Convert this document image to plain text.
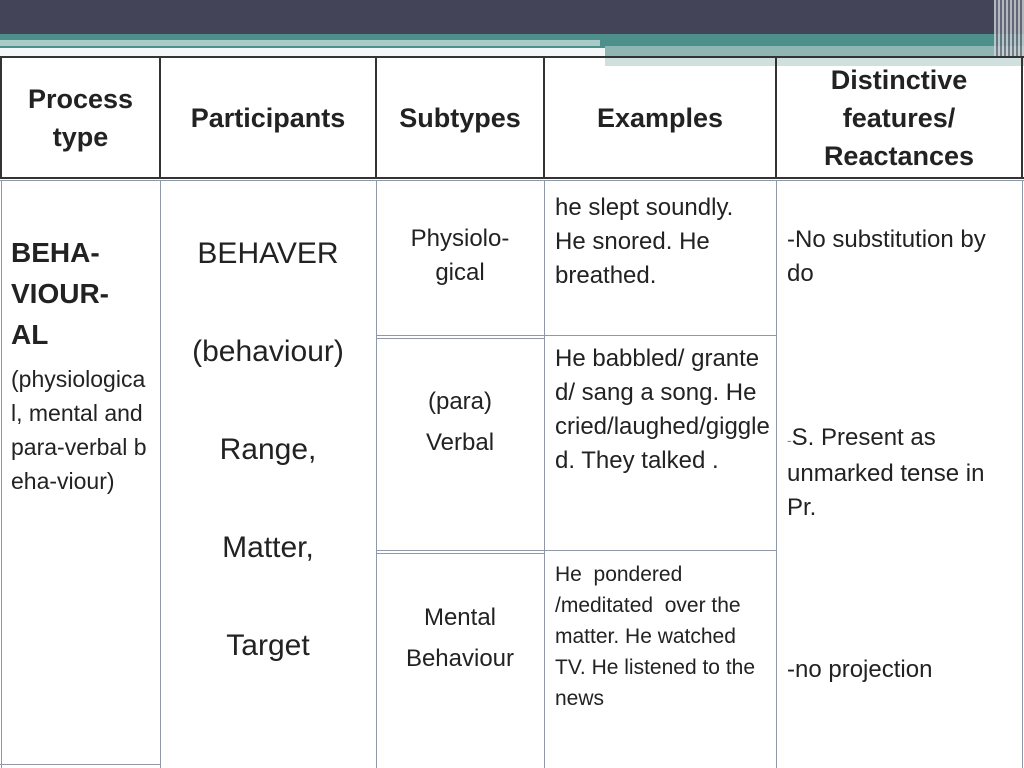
Process type
Participants	Subtypes	Examples
Distinctive features/ Reactances
BEHA-
VIOUR-
AL
(physiological, mental and para-verbal beha-viour)
BEHAVER
(behaviour)
Range,
Matter,
Target
Physiolo-
gical
(para)
Verbal
Mental
Behaviour
he slept soundly. He snored. He breathed.
He babbled/ granted/ sang a song. He cried/laughed/giggled. They talked .
He  pondered /meditated  over the matter. He watched TV. He listened to the news
-No substitution by do
-S. Present as unmarked tense in Pr.
-no projection
